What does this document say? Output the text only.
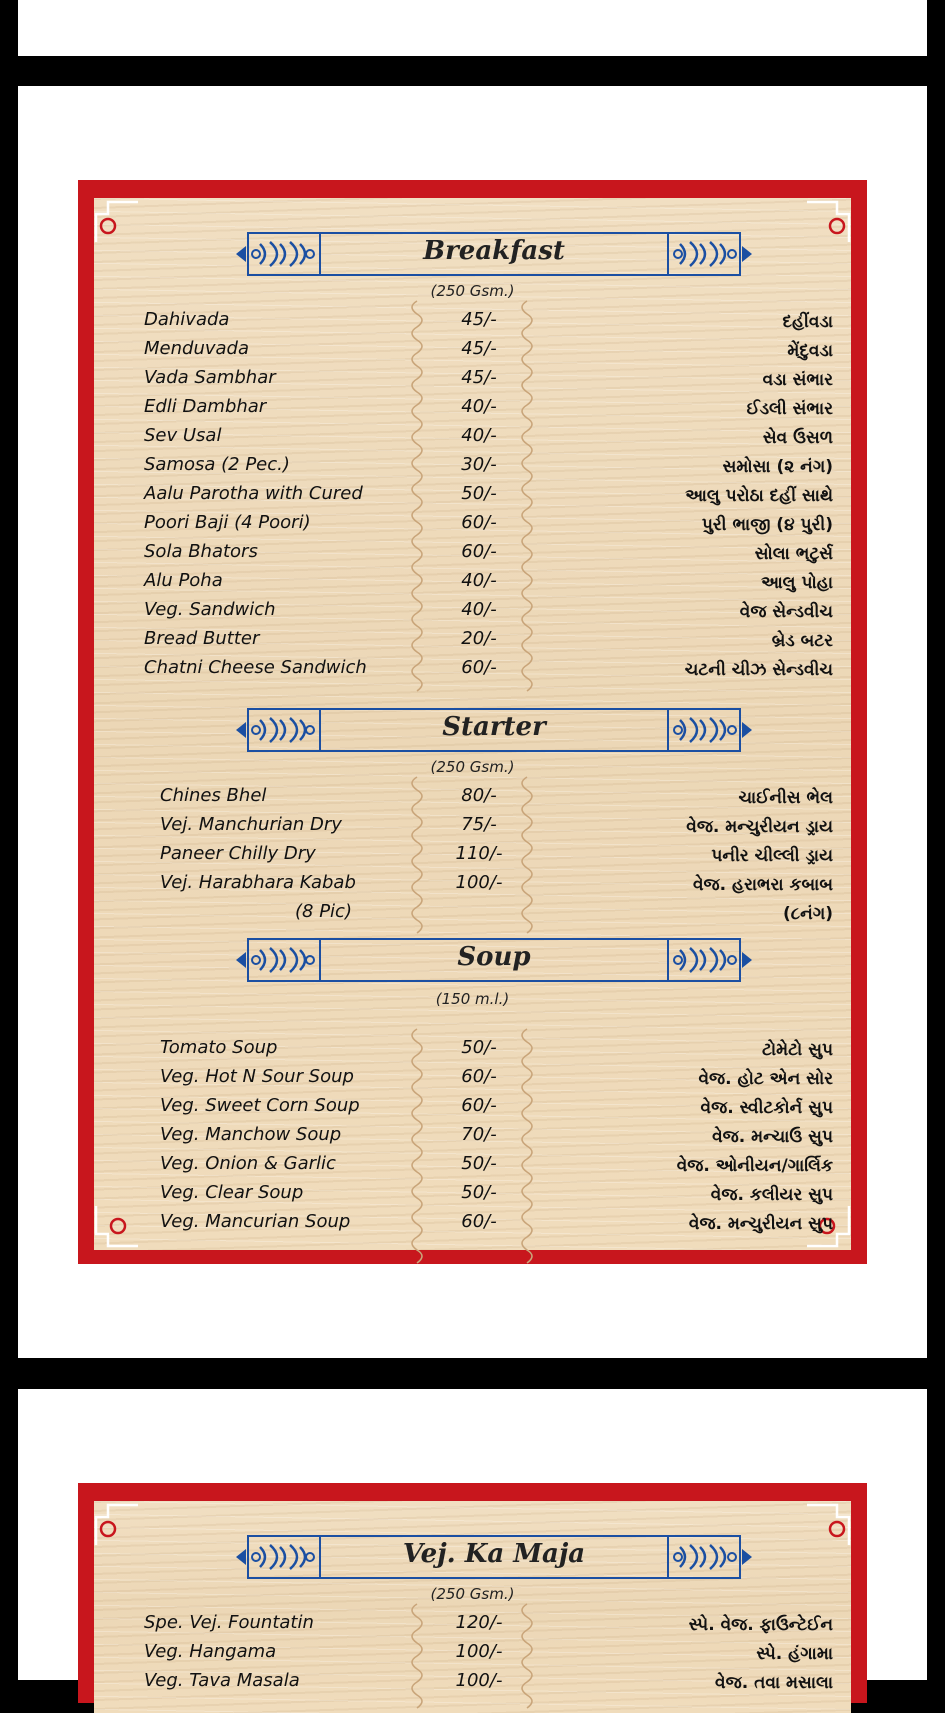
Breakfast
(250 Gsm.)
Starter
(250 Gsm.)
Soup
(150 m.l.)
Dahivada	45/-	દહીંવડા
Menduvada	45/-	મેંદુવડા
Vada Sambhar	45/-	વડા સંભાર
Edli Dambhar	40/-	ઈડલી સંભાર
Sev Usal	40/-	સેવ ઉસળ
Samosa (2 Pec.)	30/-	સમોસા (૨ નંગ)
Aalu Parotha with Cured	50/-	આલુ પરોઠા દહીં સાથે
Poori Baji (4 Poori)	60/-	પુરી ભાજી (૪ પુરી)
Sola Bhators	60/-	સોલા ભટુર્સ
Alu Poha	40/-	આલુ પોહા
Veg. Sandwich	40/-	વેજ સેન્ડવીચ
Bread Butter	20/-	બ્રેડ બટર
Chatni Cheese Sandwich	60/-	ચટની ચીઝ સેન્ડવીચ
Chines Bhel	80/-	ચાઈનીસ ભેલ
Vej. Manchurian Dry	75/-	વેજ. મન્ચુરીયન ડ્રાય
Paneer Chilly Dry	110/-	પનીર ચીલ્લી ડ્રાય
Vej. Harabhara Kabab	100/-	વેજ. હરાભરા કબાબ
(8 Pic)	(૮નંગ)
Tomato Soup	50/-	ટોમેટો સુપ
Veg. Hot N Sour Soup	60/-	વેજ. હોટ એન સોર
Veg. Sweet Corn Soup	60/-	વેજ. સ્વીટકોર્ન સુપ
Veg. Manchow Soup	70/-	વેજ. મન્ચાઉ સુપ
Veg. Onion & Garlic	50/-	વેજ. ઓનીયન/ગાર્લિક
Veg. Clear Soup	50/-	વેજ. કલીયર સુપ
Veg. Mancurian Soup	60/-	વેજ. મન્ચુરીયન સુપ
Vej. Ka Maja
(250 Gsm.)
Spe. Vej. Fountatin	120/-	સ્પે. વેજ. ફાઉન્ટેઈન
Veg. Hangama	100/-	સ્પે. હંગામા
Veg. Tava Masala	100/-	વેજ. તવા મસાલા
